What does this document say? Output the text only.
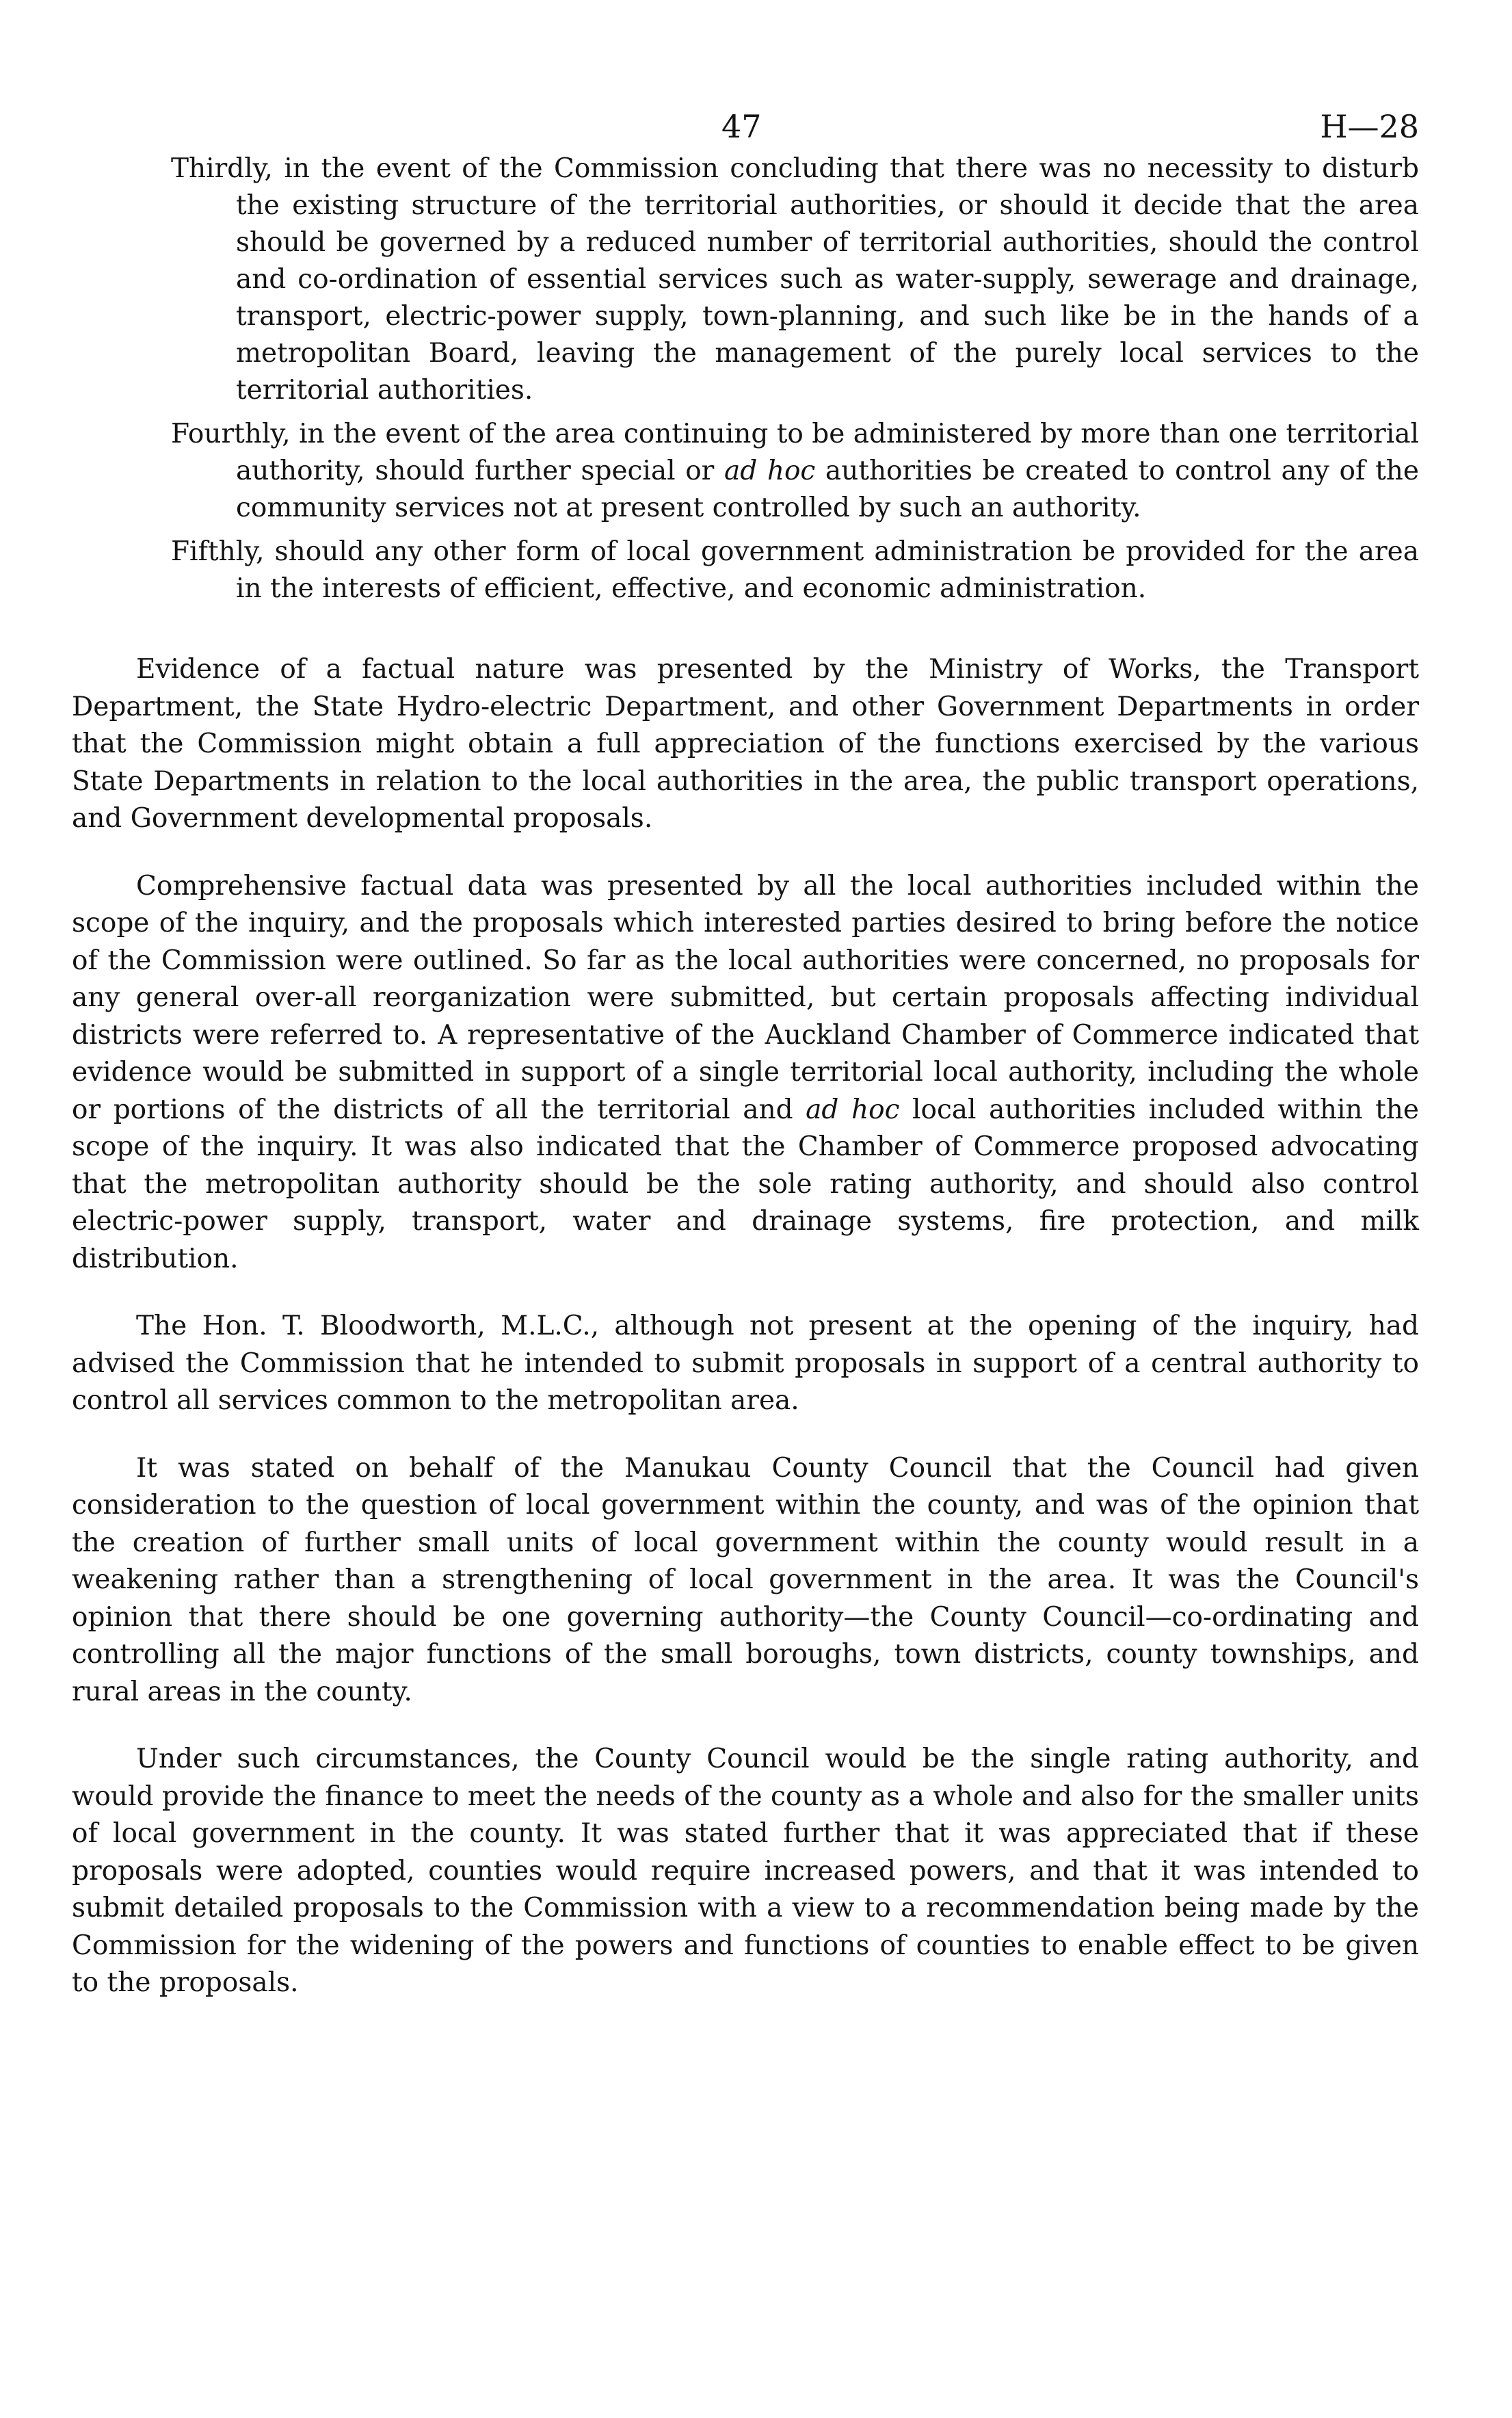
47	H—28

Thirdly, in the event of the Commission concluding that there was no necessity to disturb the existing structure of the territorial authorities, or should it decide that the area should be governed by a reduced number of territorial authorities, should the control and co-ordination of essential services such as water-supply, sewerage and drainage, transport, electric-power supply, town-planning, and such like be in the hands of a metropolitan Board, leaving the management of the purely local services to the territorial authorities.

Fourthly, in the event of the area continuing to be administered by more than one territorial authority, should further special or ad hoc authorities be created to control any of the community services not at present controlled by such an authority.

Fifthly, should any other form of local government administration be provided for the area in the interests of efficient, effective, and economic administration.

Evidence of a factual nature was presented by the Ministry of Works, the Transport Department, the State Hydro-electric Department, and other Government Departments in order that the Commission might obtain a full appreciation of the functions exercised by the various State Departments in relation to the local authorities in the area, the public transport operations, and Government developmental proposals.

Comprehensive factual data was presented by all the local authorities included within the scope of the inquiry, and the proposals which interested parties desired to bring before the notice of the Commission were outlined. So far as the local authorities were concerned, no proposals for any general over-all reorganization were submitted, but certain proposals affecting individual districts were referred to. A representative of the Auckland Chamber of Commerce indicated that evidence would be submitted in support of a single territorial local authority, including the whole or portions of the districts of all the territorial and ad hoc local authorities included within the scope of the inquiry. It was also indicated that the Chamber of Commerce proposed advocating that the metropolitan authority should be the sole rating authority, and should also control electric-power supply, transport, water and drainage systems, fire protection, and milk distribution.

The Hon. T. Bloodworth, M.L.C., although not present at the opening of the inquiry, had advised the Commission that he intended to submit proposals in support of a central authority to control all services common to the metropolitan area.

It was stated on behalf of the Manukau County Council that the Council had given consideration to the question of local government within the county, and was of the opinion that the creation of further small units of local government within the county would result in a weakening rather than a strengthening of local government in the area. It was the Council's opinion that there should be one governing authority—the County Council—co-ordinating and controlling all the major functions of the small boroughs, town districts, county townships, and rural areas in the county.

Under such circumstances, the County Council would be the single rating authority, and would provide the finance to meet the needs of the county as a whole and also for the smaller units of local government in the county. It was stated further that it was appreciated that if these proposals were adopted, counties would require increased powers, and that it was intended to submit detailed proposals to the Commission with a view to a recommendation being made by the Commission for the widening of the powers and functions of counties to enable effect to be given to the proposals.
